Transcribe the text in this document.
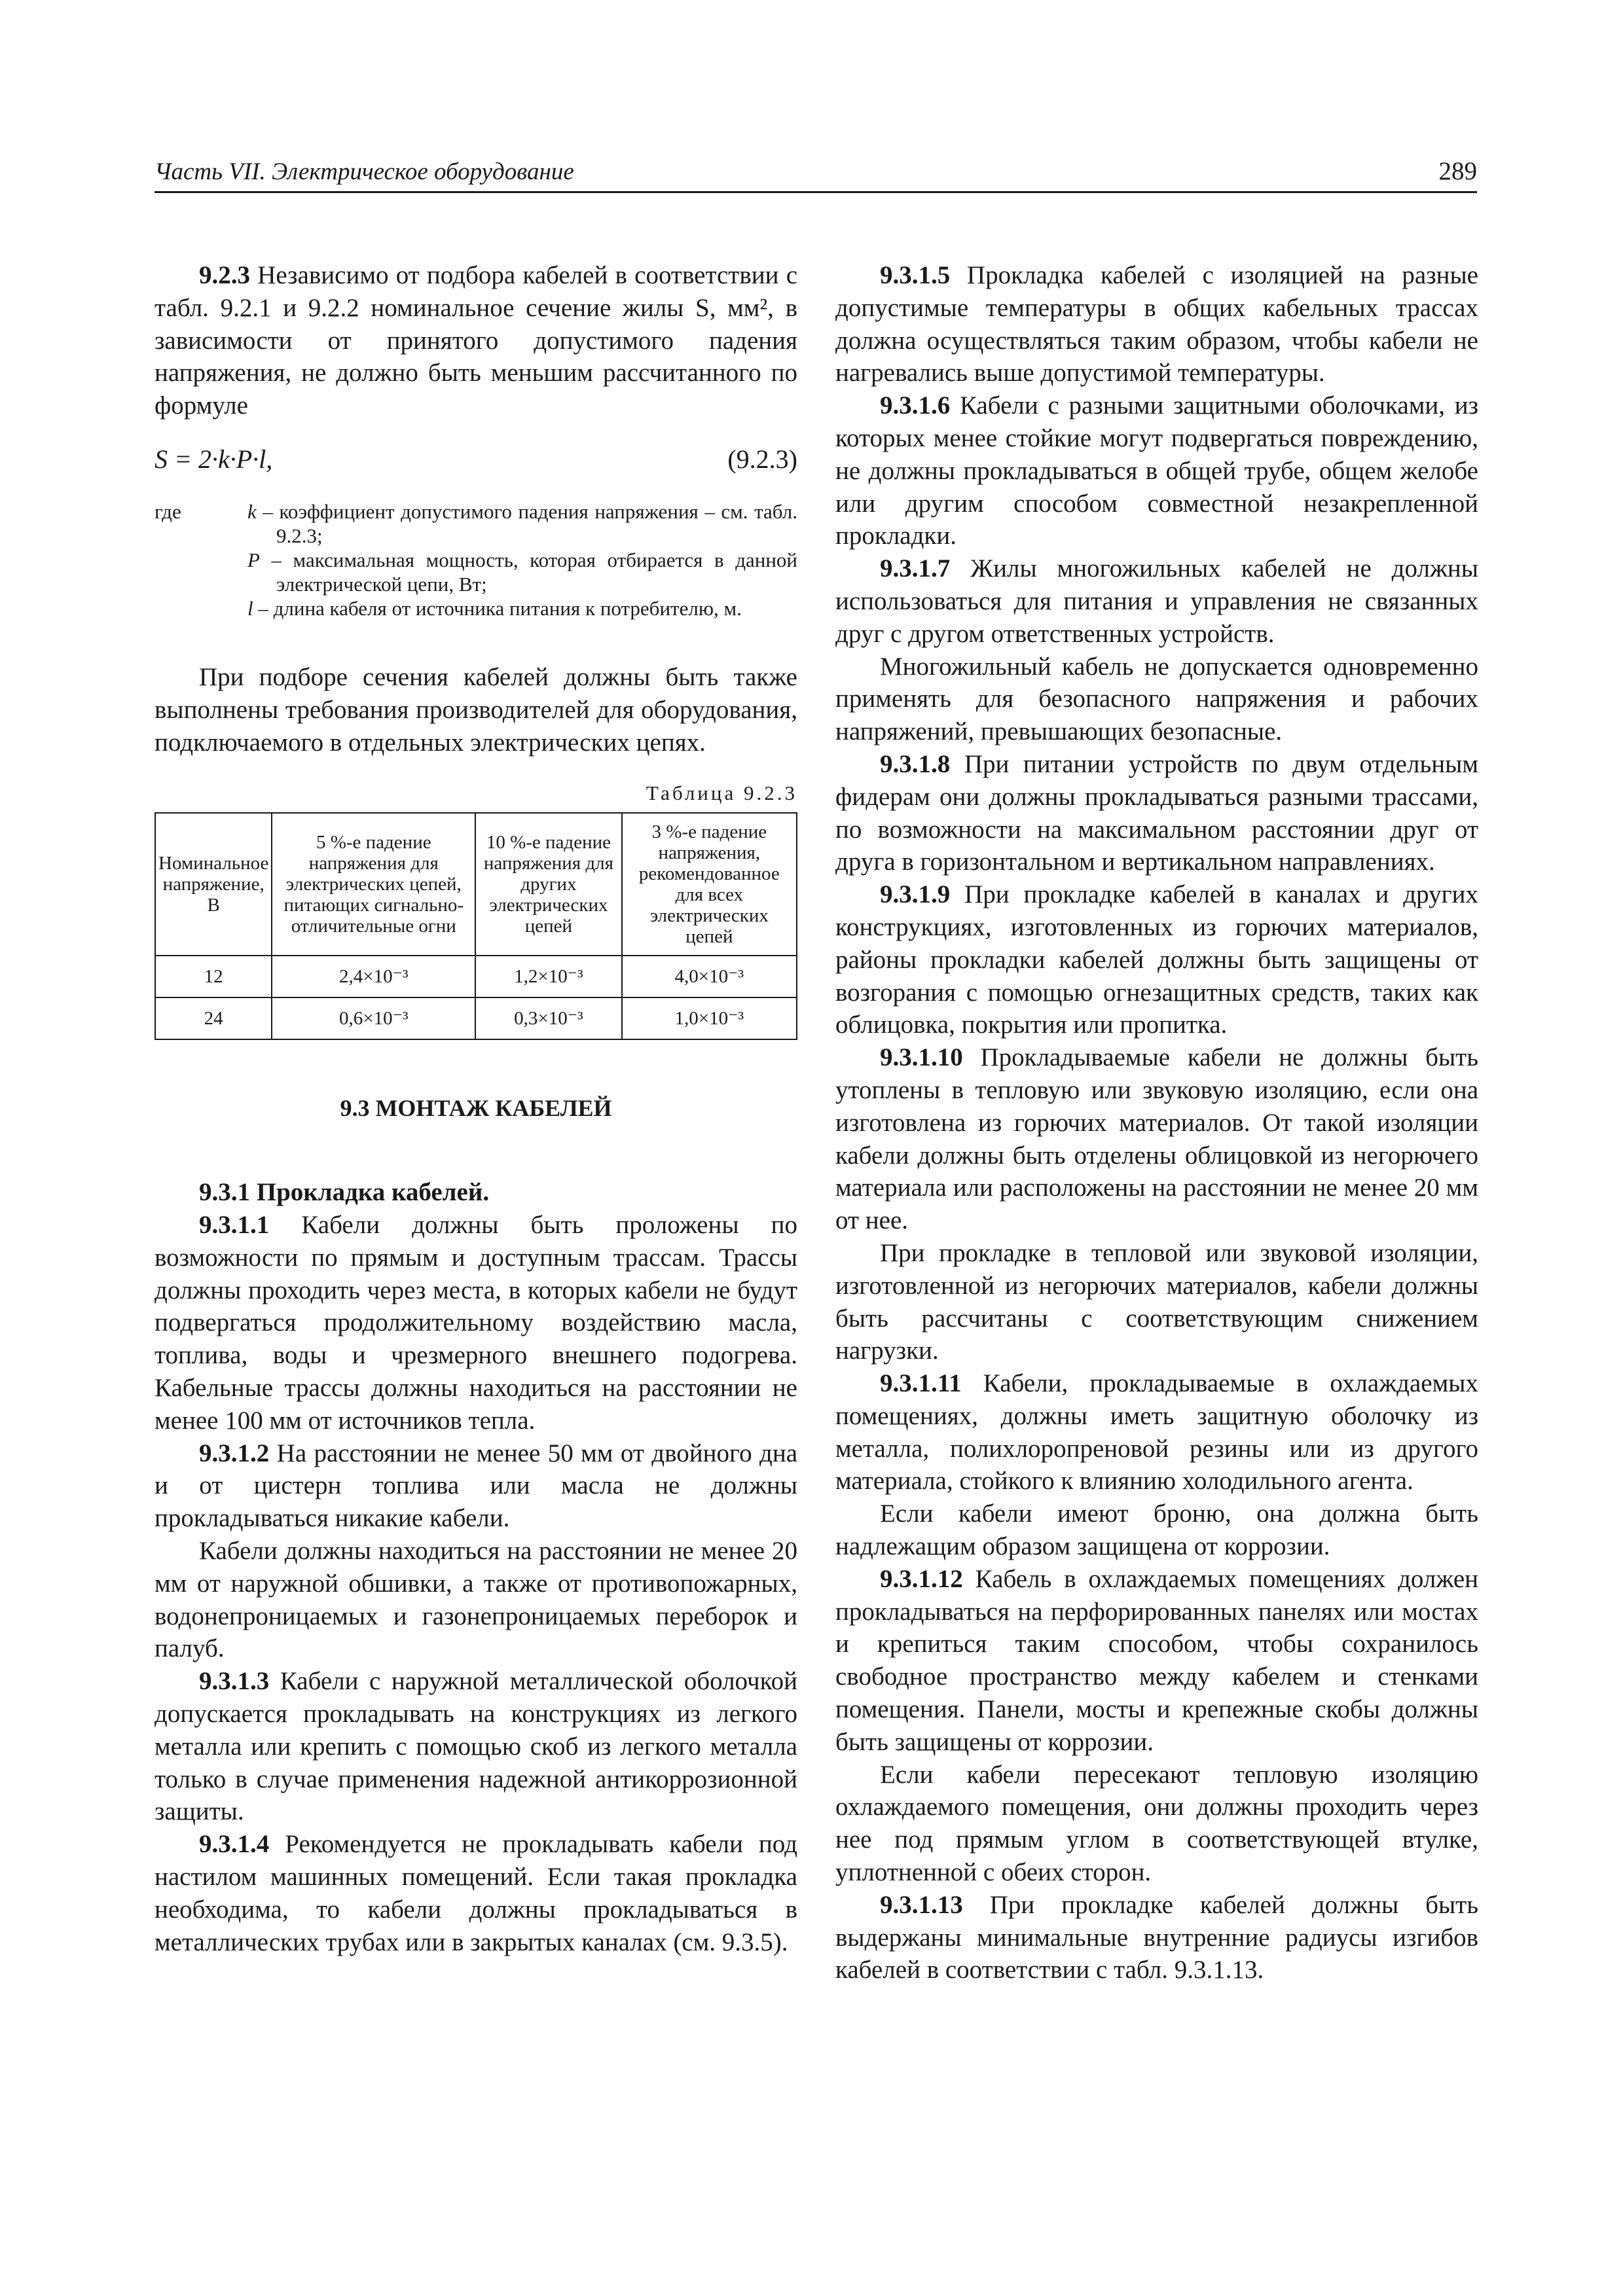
Часть VII. Электрическое оборудование	289

9.2.3 Независимо от подбора кабелей в соответствии с табл. 9.2.1 и 9.2.2 номинальное сечение жилы S, мм², в зависимости от принятого допустимого падения напряжения, не должно быть меньшим рассчитанного по формуле

S = 2·k·P·l,	(9.2.3)
где	k – коэффициент допустимого падения напряжения – см. табл. 9.2.3;
P – максимальная мощность, которая отбирается в данной электрической цепи, Вт;
l – длина кабеля от источника питания к потребителю, м.

При подборе сечения кабелей должны быть также выполнены требования производителей для оборудования, подключаемого в отдельных электрических цепях.

Таблица 9.2.3
Номинальное напряжение, В	5 %-е падение напряжения для электрических цепей, питающих сигнально-отличительные огни	10 %-е падение напряжения для других электрических цепей	3 %-е падение напряжения, рекомендованное для всех электрических цепей
12	2,4×10⁻³	1,2×10⁻³	4,0×10⁻³
24	0,6×10⁻³	0,3×10⁻³	1,0×10⁻³
9.3 МОНТАЖ КАБЕЛЕЙ

9.3.1 Прокладка кабелей.

9.3.1.1 Кабели должны быть проложены по возможности по прямым и доступным трассам. Трассы должны проходить через места, в которых кабели не будут подвергаться продолжительному воздействию масла, топлива, воды и чрезмерного внешнего подогрева. Кабельные трассы должны находиться на расстоянии не менее 100 мм от источников тепла.

9.3.1.2 На расстоянии не менее 50 мм от двойного дна и от цистерн топлива или масла не должны прокладываться никакие кабели.

Кабели должны находиться на расстоянии не менее 20 мм от наружной обшивки, а также от противопожарных, водонепроницаемых и газонепроницаемых переборок и палуб.

9.3.1.3 Кабели с наружной металлической оболочкой допускается прокладывать на конструкциях из легкого металла или крепить с помощью скоб из легкого металла только в случае применения надежной антикоррозионной защиты.

9.3.1.4 Рекомендуется не прокладывать кабели под настилом машинных помещений. Если такая прокладка необходима, то кабели должны прокладываться в металлических трубах или в закрытых каналах (см. 9.3.5).

9.3.1.5 Прокладка кабелей с изоляцией на разные допустимые температуры в общих кабельных трассах должна осуществляться таким образом, чтобы кабели не нагревались выше допустимой температуры.

9.3.1.6 Кабели с разными защитными оболочками, из которых менее стойкие могут подвергаться повреждению, не должны прокладываться в общей трубе, общем желобе или другим способом совместной незакрепленной прокладки.

9.3.1.7 Жилы многожильных кабелей не должны использоваться для питания и управления не связанных друг с другом ответственных устройств.

Многожильный кабель не допускается одновременно применять для безопасного напряжения и рабочих напряжений, превышающих безопасные.

9.3.1.8 При питании устройств по двум отдельным фидерам они должны прокладываться разными трассами, по возможности на максимальном расстоянии друг от друга в горизонтальном и вертикальном направлениях.

9.3.1.9 При прокладке кабелей в каналах и других конструкциях, изготовленных из горючих материалов, районы прокладки кабелей должны быть защищены от возгорания с помощью огнезащитных средств, таких как облицовка, покрытия или пропитка.

9.3.1.10 Прокладываемые кабели не должны быть утоплены в тепловую или звуковую изоляцию, если она изготовлена из горючих материалов. От такой изоляции кабели должны быть отделены облицовкой из негорючего материала или расположены на расстоянии не менее 20 мм от нее.

При прокладке в тепловой или звуковой изоляции, изготовленной из негорючих материалов, кабели должны быть рассчитаны с соответствующим снижением нагрузки.

9.3.1.11 Кабели, прокладываемые в охлаждаемых помещениях, должны иметь защитную оболочку из металла, полихлоропреновой резины или из другого материала, стойкого к влиянию холодильного агента.

Если кабели имеют броню, она должна быть надлежащим образом защищена от коррозии.

9.3.1.12 Кабель в охлаждаемых помещениях должен прокладываться на перфорированных панелях или мостах и крепиться таким способом, чтобы сохранилось свободное пространство между кабелем и стенками помещения. Панели, мосты и крепежные скобы должны быть защищены от коррозии.

Если кабели пересекают тепловую изоляцию охлаждаемого помещения, они должны проходить через нее под прямым углом в соответствующей втулке, уплотненной с обеих сторон.

9.3.1.13 При прокладке кабелей должны быть выдержаны минимальные внутренние радиусы изгибов кабелей в соответствии с табл. 9.3.1.13.
